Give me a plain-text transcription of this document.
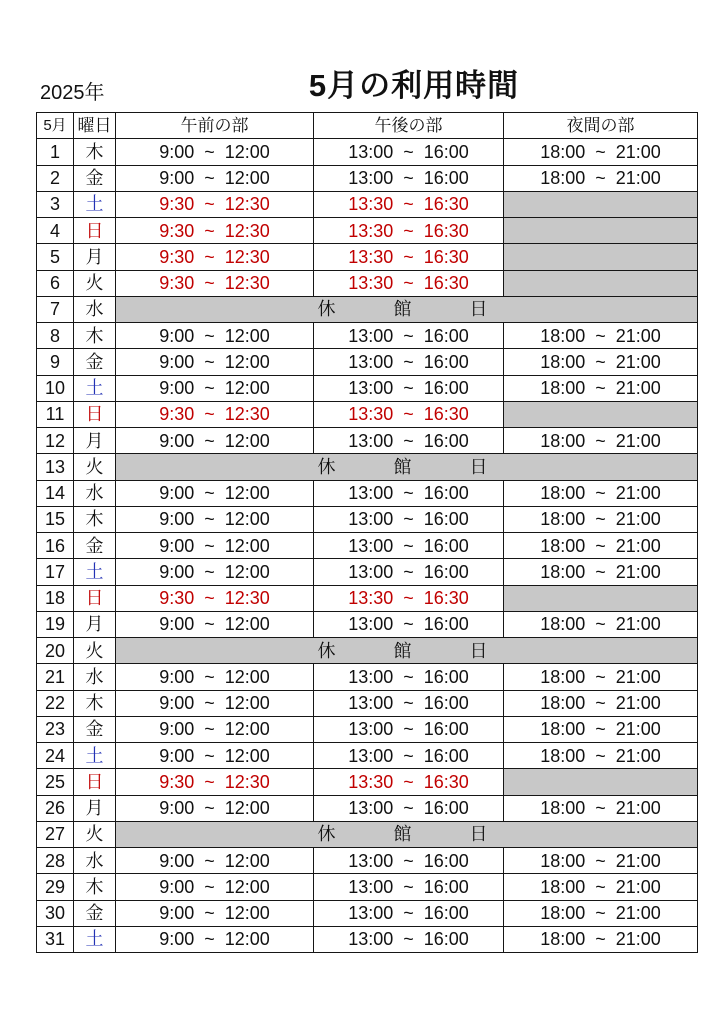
2025年	5月の利用時間
5月	曜日	午前の部	午後の部	夜間の部
1	木	9:00 ~ 12:00	13:00 ~ 16:00	18:00 ~ 21:00
2	金	9:00 ~ 12:00	13:00 ~ 16:00	18:00 ~ 21:00
3	土	9:30 ~ 12:30	13:30 ~ 16:30	
4	日	9:30 ~ 12:30	13:30 ~ 16:30	
5	月	9:30 ~ 12:30	13:30 ~ 16:30	
6	火	9:30 ~ 12:30	13:30 ~ 16:30	
7	水	休館日		
8	木	9:00 ~ 12:00	13:00 ~ 16:00	18:00 ~ 21:00
9	金	9:00 ~ 12:00	13:00 ~ 16:00	18:00 ~ 21:00
10	土	9:00 ~ 12:00	13:00 ~ 16:00	18:00 ~ 21:00
11	日	9:30 ~ 12:30	13:30 ~ 16:30	
12	月	9:00 ~ 12:00	13:00 ~ 16:00	18:00 ~ 21:00
13	火	休館日		
14	水	9:00 ~ 12:00	13:00 ~ 16:00	18:00 ~ 21:00
15	木	9:00 ~ 12:00	13:00 ~ 16:00	18:00 ~ 21:00
16	金	9:00 ~ 12:00	13:00 ~ 16:00	18:00 ~ 21:00
17	土	9:00 ~ 12:00	13:00 ~ 16:00	18:00 ~ 21:00
18	日	9:30 ~ 12:30	13:30 ~ 16:30	
19	月	9:00 ~ 12:00	13:00 ~ 16:00	18:00 ~ 21:00
20	火	休館日		
21	水	9:00 ~ 12:00	13:00 ~ 16:00	18:00 ~ 21:00
22	木	9:00 ~ 12:00	13:00 ~ 16:00	18:00 ~ 21:00
23	金	9:00 ~ 12:00	13:00 ~ 16:00	18:00 ~ 21:00
24	土	9:00 ~ 12:00	13:00 ~ 16:00	18:00 ~ 21:00
25	日	9:30 ~ 12:30	13:30 ~ 16:30	
26	月	9:00 ~ 12:00	13:00 ~ 16:00	18:00 ~ 21:00
27	火	休館日		
28	水	9:00 ~ 12:00	13:00 ~ 16:00	18:00 ~ 21:00
29	木	9:00 ~ 12:00	13:00 ~ 16:00	18:00 ~ 21:00
30	金	9:00 ~ 12:00	13:00 ~ 16:00	18:00 ~ 21:00
31	土	9:00 ~ 12:00	13:00 ~ 16:00	18:00 ~ 21:00
